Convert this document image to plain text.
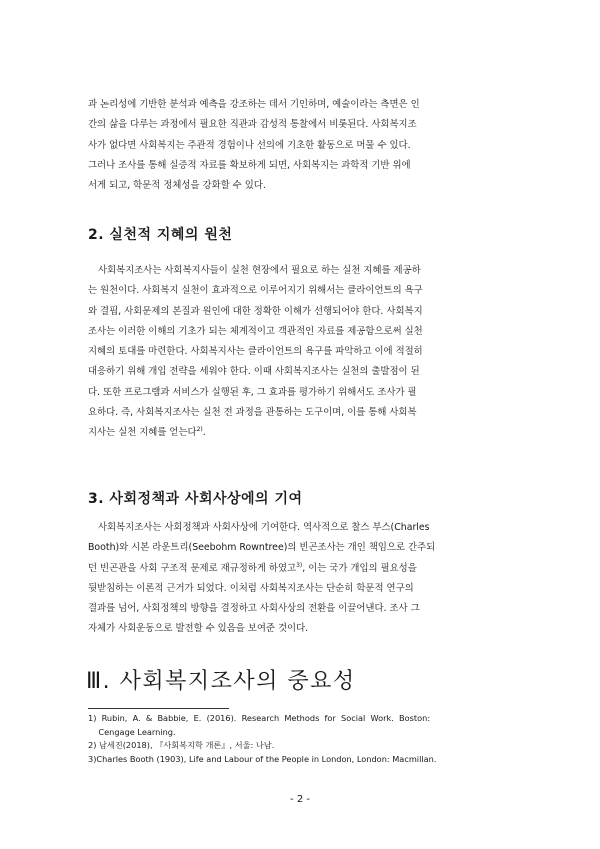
과 논리성에 기반한 분석과 예측을 강조하는 데서 기인하며, 예술이라는 측면은 인
간의 삶을 다루는 과정에서 필요한 직관과 감성적 통찰에서 비롯된다. 사회복지조
사가 없다면 사회복지는 주관적 경험이나 선의에 기초한 활동으로 머물 수 있다.
그러나 조사를 통해 실증적 자료를 확보하게 되면, 사회복지는 과학적 기반 위에
서게 되고, 학문적 정체성을 강화할 수 있다.
2. 실천적 지혜의 원천
사회복지조사는 사회복지사들이 실천 현장에서 필요로 하는 실천 지혜를 제공하
는 원천이다. 사회복지 실천이 효과적으로 이루어지기 위해서는 클라이언트의 욕구
와 결핍, 사회문제의 본질과 원인에 대한 정확한 이해가 선행되어야 한다. 사회복지
조사는 이러한 이해의 기초가 되는 체계적이고 객관적인 자료를 제공함으로써 실천
지혜의 토대를 마련한다. 사회복지사는 클라이언트의 욕구를 파악하고 이에 적절히
대응하기 위해 개입 전략을 세워야 한다. 이때 사회복지조사는 실천의 출발점이 된
다. 또한 프로그램과 서비스가 실행된 후, 그 효과를 평가하기 위해서도 조사가 필
요하다. 즉, 사회복지조사는 실천 전 과정을 관통하는 도구이며, 이를 통해 사회복
지사는 실천 지혜를 얻는다$^{2)}$.
3. 사회정책과 사회사상에의 기여
사회복지조사는 사회정책과 사회사상에 기여한다. 역사적으로 찰스 부스(Charles
Booth)와 시본 라운트리(Seebohm Rowntree)의 빈곤조사는 개인 책임으로 간주되
던 빈곤관을 사회 구조적 문제로 재규정하게 하였고$^{3)}$, 이는 국가 개입의 필요성을
뒷받침하는 이론적 근거가 되었다. 이처럼 사회복지조사는 단순히 학문적 연구의
결과를 넘어, 사회정책의 방향을 결정하고 사회사상의 전환을 이끌어낸다. 조사 그
자체가 사회운동으로 발전할 수 있음을 보여준 것이다.
Ⅲ. 사회복지조사의 중요성
1)  Rubin,  A.  &  Babbie,  E.  (2016).  Research  Methods  for  Social  Work.  Boston:
Cengage Learning.
2) 남세진(2018), 『사회복지학 개론』, 서울: 나남.
3)Charles Booth (1903), Life and Labour of the People in London, London: Macmillan.

- 2 -
